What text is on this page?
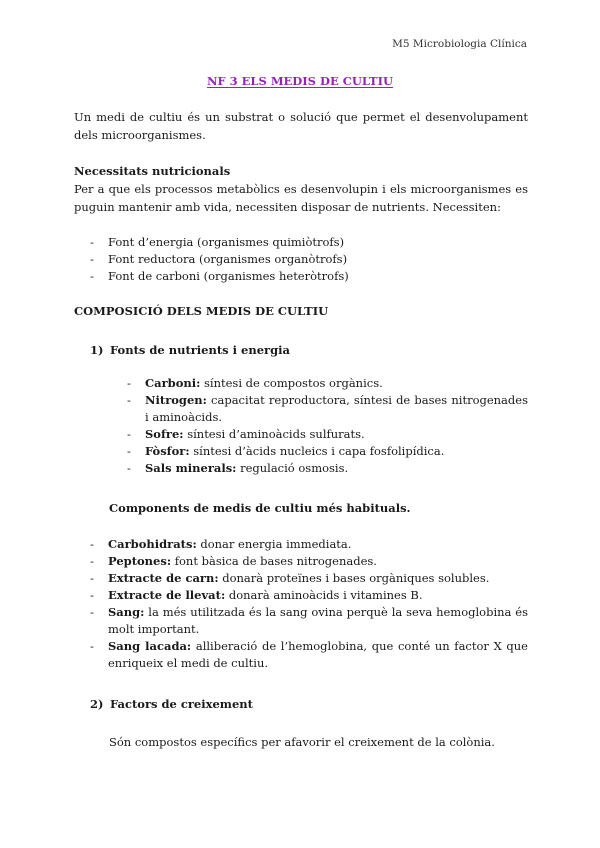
M5 Microbiologia Clínica
NF 3 ELS MEDIS DE CULTIU
Un medi de cultiu és un substrat o solució que permet el desenvolupament dels microorganismes.
Necessitats nutricionals
Per a que els processos metabòlics es desenvolupin i els microorganismes es puguin mantenir amb vida, necessiten disposar de nutrients. Necessiten:
- Font d’energia (organismes quimiòtrofs)
- Font reductora (organismes organòtrofs)
- Font de carboni (organismes heteròtrofs)
COMPOSICIÓ DELS MEDIS DE CULTIU
1) Fonts de nutrients i energia
- Carboni: síntesi de compostos orgànics.
- Nitrogen: capacitat reproductora, síntesi de bases nitrogenades i aminoàcids.
- Sofre: síntesi d’aminoàcids sulfurats.
- Fòsfor: síntesi d’àcids nucleics i capa fosfolipídica.
- Sals minerals: regulació osmosis.
Components de medis de cultiu més habituals.
- Carbohidrats: donar energia immediata.
- Peptones: font bàsica de bases nitrogenades.
- Extracte de carn: donarà proteïnes i bases orgàniques solubles.
- Extracte de llevat: donarà aminoàcids i vitamines B.
- Sang: la més utilitzada és la sang ovina perquè la seva hemoglobina és molt important.
- Sang lacada: alliberació de l’hemoglobina, que conté un factor X que enriqueix el medi de cultiu.
2) Factors de creixement
Són compostos específics per afavorir el creixement de la colònia.
